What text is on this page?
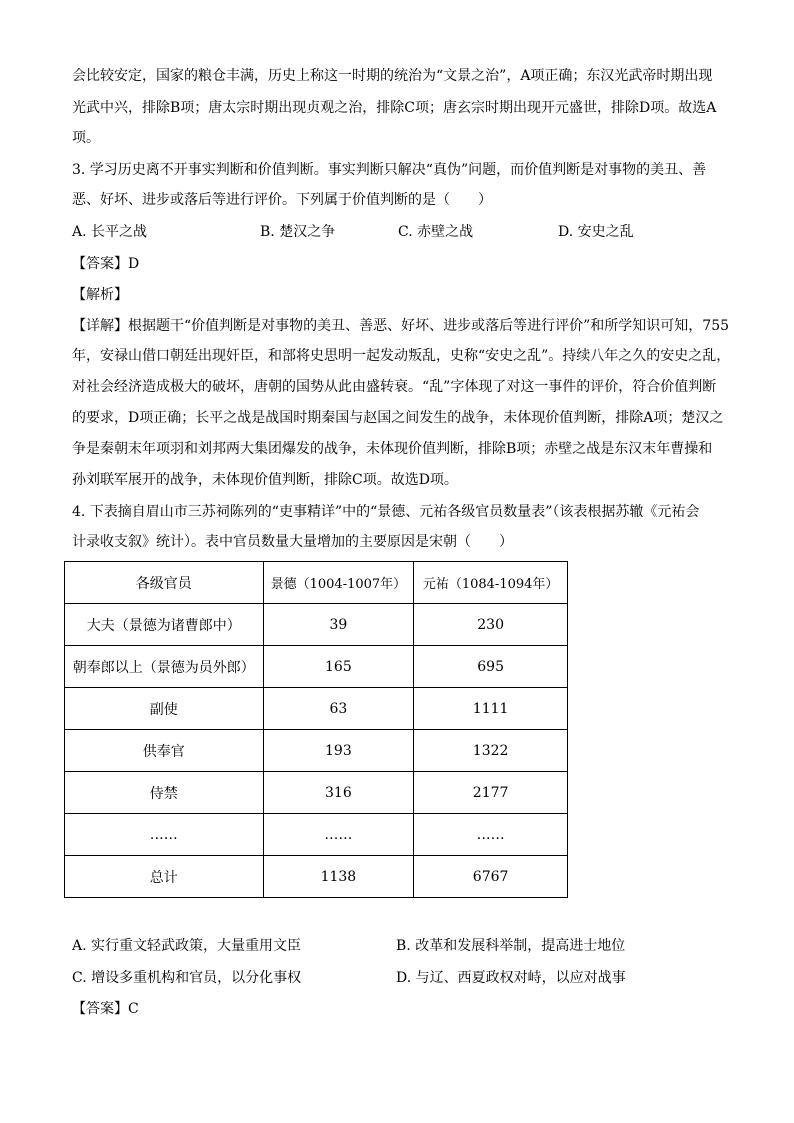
会比较安定，国家的粮仓丰满，历史上称这一时期的统治为“文景之治”，A项正确；东汉光武帝时期出现
光武中兴，排除B项；唐太宗时期出现贞观之治，排除C项；唐玄宗时期出现开元盛世，排除D项。故选A
项。
3. 学习历史离不开事实判断和价值判断。事实判断只解决“真伪”问题，而价值判断是对事物的美丑、善
恶、好坏、进步或落后等进行评价。下列属于价值判断的是（　　）
A. 长平之战	B. 楚汉之争	C. 赤壁之战	D. 安史之乱
【答案】D
【解析】
【详解】根据题干“价值判断是对事物的美丑、善恶、好坏、进步或落后等进行评价”和所学知识可知，755
年，安禄山借口朝廷出现奸臣，和部将史思明一起发动叛乱，史称“安史之乱”。持续八年之久的安史之乱，
对社会经济造成极大的破坏，唐朝的国势从此由盛转衰。“乱”字体现了对这一事件的评价，符合价值判断
的要求，D项正确；长平之战是战国时期秦国与赵国之间发生的战争，未体现价值判断，排除A项；楚汉之
争是秦朝末年项羽和刘邦两大集团爆发的战争，未体现价值判断，排除B项；赤壁之战是东汉末年曹操和
孙刘联军展开的战争，未体现价值判断，排除C项。故选D项。
4. 下表摘自眉山市三苏祠陈列的“吏事精详”中的“景德、元祐各级官员数量表”（该表根据苏辙《元祐会
计录收支叙》统计）。表中官员数量大量增加的主要原因是宋朝（　　）
各级官员	景德（1004-1007年）	元祐（1084-1094年）
大夫（景德为诸曹郎中）	39	230
朝奉郎以上（景德为员外郎）	165	695
副使	63	1111
供奉官	193	1322
侍禁	316	2177
……	……	……
总计	1138	6767
A. 实行重文轻武政策，大量重用文臣	B. 改革和发展科举制，提高进士地位
C. 增设多重机构和官员，以分化事权	D. 与辽、西夏政权对峙，以应对战事
【答案】C
